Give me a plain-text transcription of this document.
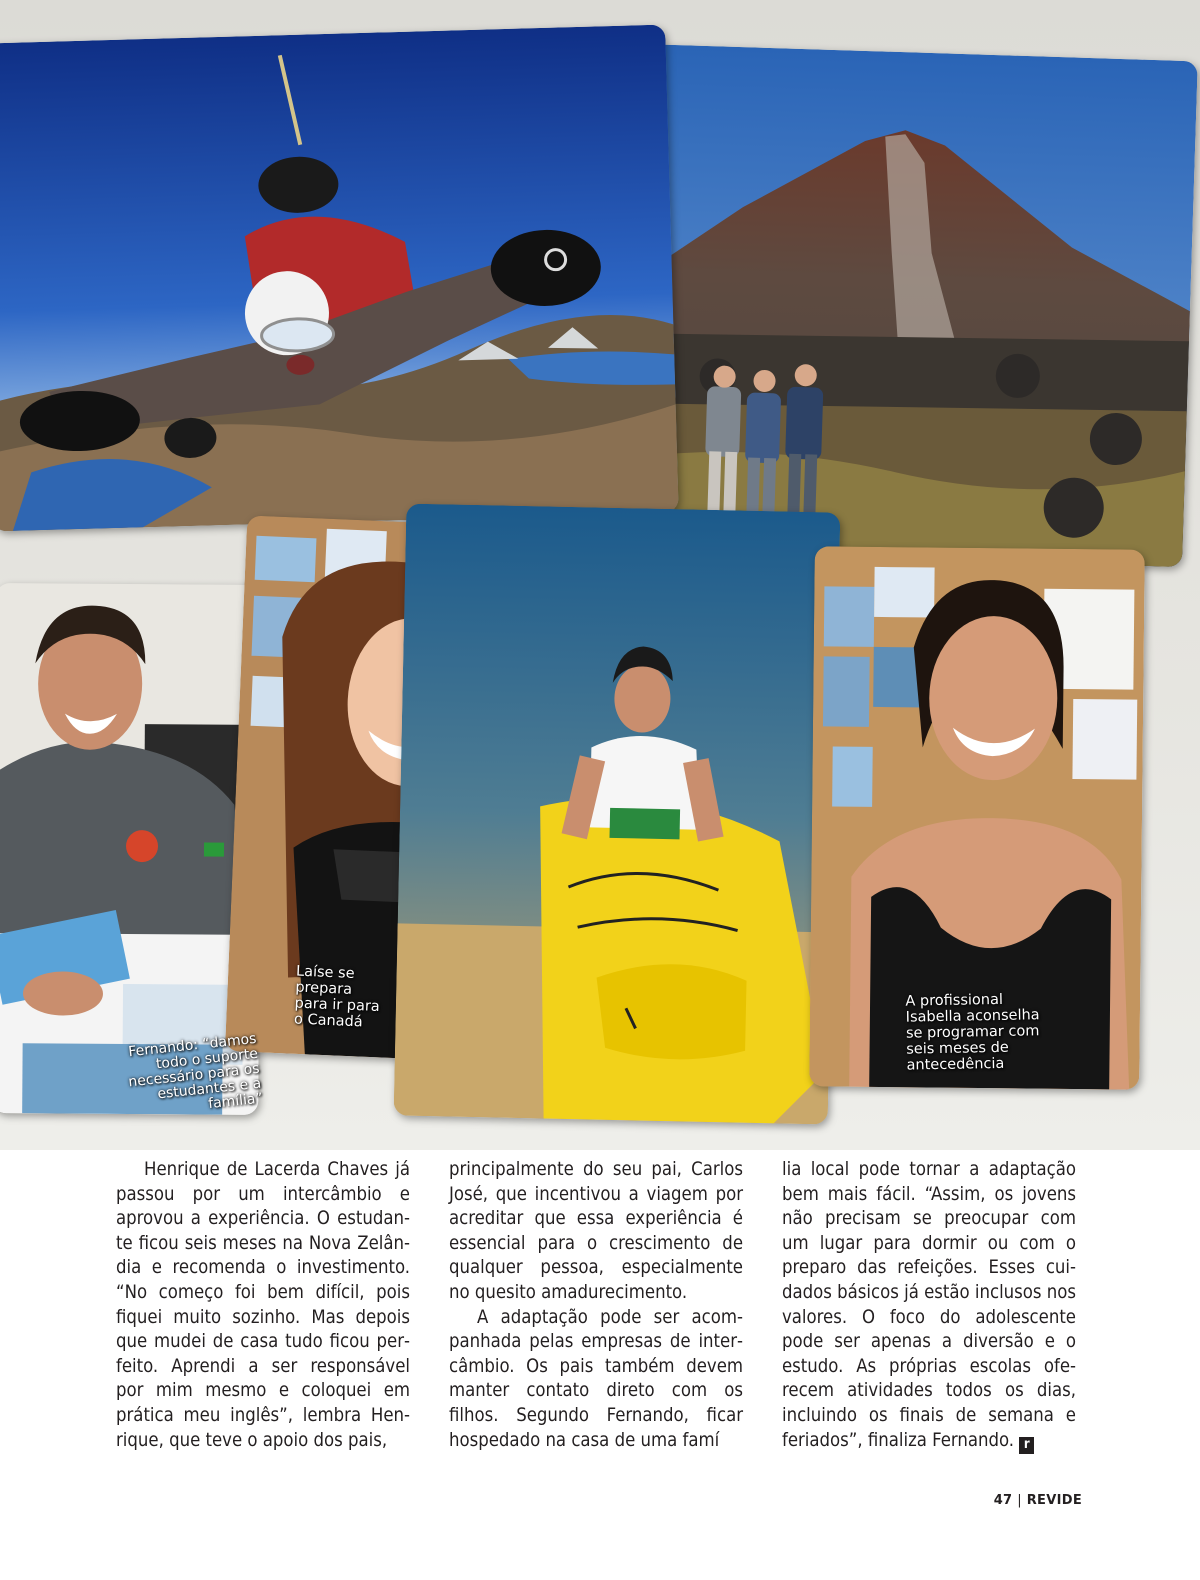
Fernando: “damos
todo o suporte
necessário para os
estudantes e a família”
Laíse se
prepara
para ir para
o Canadá
A profissional
Isabella aconselha
se programar com
seis meses de
antecedência

Henrique de Lacerda Chaves já passou por um intercâmbio e aprovou a experiência. O estudante ficou seis meses na Nova Zelândia e recomenda o investimento. “No começo foi bem difícil, pois fiquei muito sozinho. Mas depois que mudei de casa tudo ficou perfeito. Aprendi a ser responsável por mim mesmo e coloquei em prática meu inglês”, lembra Henrique, que teve o apoio dos pais,

principalmente do seu pai, Carlos José, que incentivou a viagem por acreditar que essa experiência é essencial para o crescimento de qualquer pessoa, especialmente no quesito amadurecimento.

A adaptação pode ser acompanhada pelas empresas de intercâmbio. Os pais também devem manter contato direto com os filhos. Segundo Fernando, ficar hospedado na casa de uma famí

lia local pode tornar a adaptação bem mais fácil. “Assim, os jovens não precisam se preocupar com um lugar para dormir ou com o preparo das refeições. Esses cuidados básicos já estão inclusos nos valores. O foco do adolescente pode ser apenas a diversão e o estudo. As próprias escolas oferecem atividades todos os dias, incluindo os finais de semana e feriados”, finaliza Fernando. r

47 | REVIDE
